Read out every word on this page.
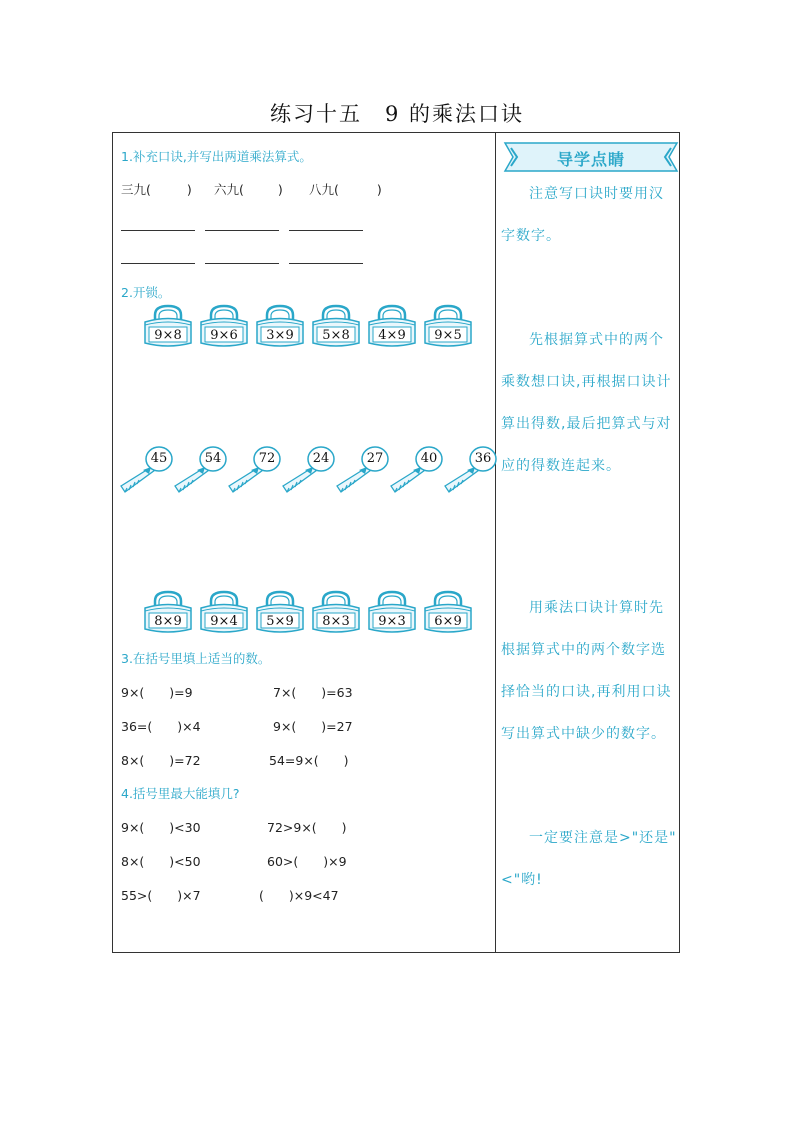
练习十五　9 的乘法口诀
1.补充口诀,并写出两道乘法算式。
三九(	) 六九(	) 八九(	)
2.开锁。
9×8	9×6	3×9	5×8	4×9	9×5
45	54	72	24	27	40	36
8×9	9×4	5×9	8×3	9×3	6×9
3.在括号里填上适当的数。
9×(　　)=9	7×(　　)=63
36=(　　)×4	9×(　　)=27
8×(　　)=72	54=9×(　　)
4.括号里最大能填几?
9×(　　)<30	72>9×(　　)
8×(　　)<50	60>(　　)×9
55>(　　)×7	(　　)×9<47
导学点睛
注意写口诀时要用汉字数字。
先根据算式中的两个乘数想口诀,再根据口诀计算出得数,最后把算式与对应的得数连起来。
用乘法口诀计算时先根据算式中的两个数字选择恰当的口诀,再利用口诀写出算式中缺少的数字。
一定要注意是>"还是"<"哟!
